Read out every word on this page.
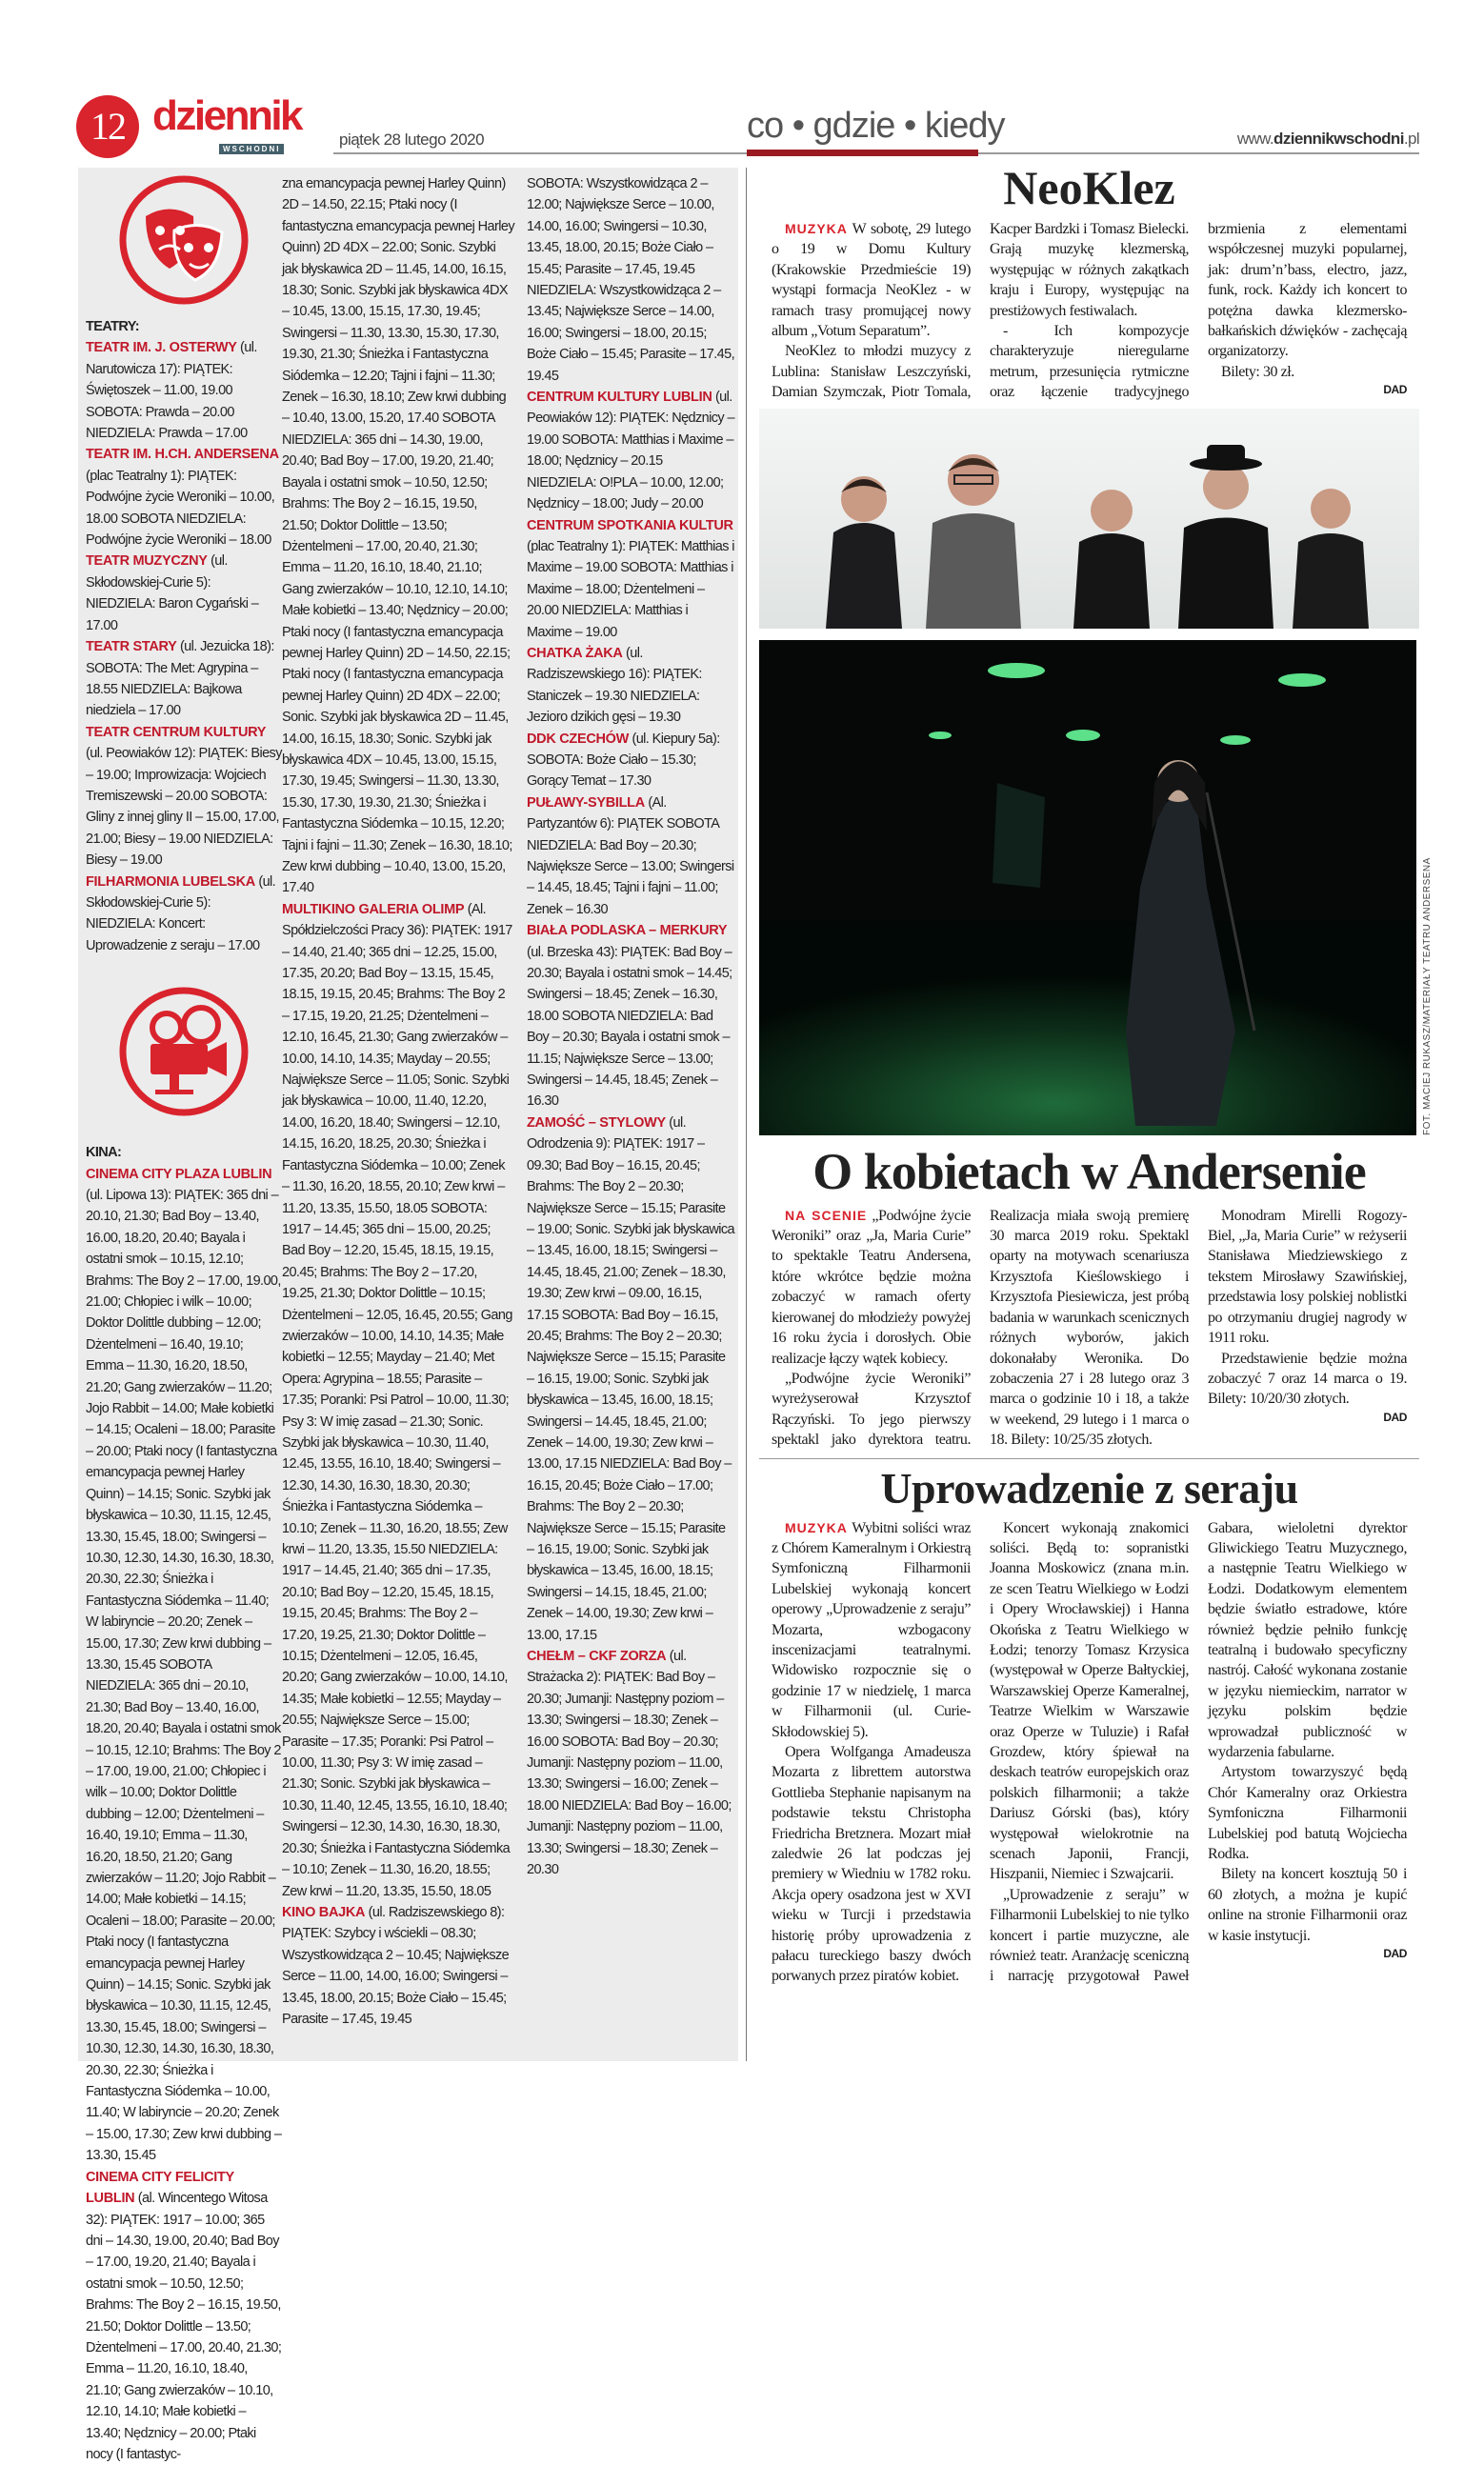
12 dziennik
WSCHODNI
piątek 28 lutego 2020	co • gdzie • kiedy	www.dziennikwschodni.pl
TEATRY:

TEATR IM. J. OSTERWY (ul. Narutowicza 17): PIĄTEK: Świętoszek – 11.00, 19.00 SOBOTA: Prawda – 20.00 NIEDZIELA: Prawda – 17.00

TEATR IM. H.CH. ANDERSENA (plac Teatralny 1): PIĄTEK: Podwójne życie Weroniki – 10.00, 18.00 SOBOTA NIEDZIELA: Podwójne życie Weroniki – 18.00

TEATR MUZYCZNY (ul. Skłodowskiej-Curie 5): NIEDZIELA: Baron Cygański – 17.00

TEATR STARY (ul. Jezuicka 18): SOBOTA: The Met: Agrypina – 18.55 NIEDZIELA: Bajkowa niedziela – 17.00

TEATR CENTRUM KULTURY (ul. Peowiaków 12): PIĄTEK: Biesy – 19.00; Improwizacja: Wojciech Tremiszewski – 20.00 SOBOTA: Gliny z innej gliny II – 15.00, 17.00, 21.00; Biesy – 19.00 NIEDZIELA: Biesy – 19.00

FILHARMONIA LUBELSKA (ul. Skłodowskiej-Curie 5): NIEDZIELA: Koncert: Uprowadzenie z seraju – 17.00

KINA:

CINEMA CITY PLAZA LUBLIN (ul. Lipowa 13): PIĄTEK: 365 dni – 20.10, 21.30; Bad Boy – 13.40, 16.00, 18.20, 20.40; Bayala i ostatni smok – 10.15, 12.10; Brahms: The Boy 2 – 17.00, 19.00, 21.00; Chłopiec i wilk – 10.00; Doktor Dolittle dubbing – 12.00; Dżentelmeni – 16.40, 19.10; Emma – 11.30, 16.20, 18.50, 21.20; Gang zwierzaków – 11.20; Jojo Rabbit – 14.00; Małe kobietki – 14.15; Ocaleni – 18.00; Parasite – 20.00; Ptaki nocy (I fantastyczna emancypacja pewnej Harley Quinn) – 14.15; Sonic. Szybki jak błyskawica – 10.30, 11.15, 12.45, 13.30, 15.45, 18.00; Swingersi – 10.30, 12.30, 14.30, 16.30, 18.30, 20.30, 22.30; Śnieżka i Fantastyczna Siódemka – 11.40; W labiryncie – 20.20; Zenek – 15.00, 17.30; Zew krwi dubbing – 13.30, 15.45 SOBOTA NIEDZIELA: 365 dni – 20.10, 21.30; Bad Boy – 13.40, 16.00, 18.20, 20.40; Bayala i ostatni smok – 10.15, 12.10; Brahms: The Boy 2 – 17.00, 19.00, 21.00; Chłopiec i wilk – 10.00; Doktor Dolittle dubbing – 12.00; Dżentelmeni – 16.40, 19.10; Emma – 11.30, 16.20, 18.50, 21.20; Gang zwierzaków – 11.20; Jojo Rabbit – 14.00; Małe kobietki – 14.15; Ocaleni – 18.00; Parasite – 20.00; Ptaki nocy (I fantastyczna emancypacja pewnej Harley Quinn) – 14.15; Sonic. Szybki jak błyskawica – 10.30, 11.15, 12.45, 13.30, 15.45, 18.00; Swingersi – 10.30, 12.30, 14.30, 16.30, 18.30, 20.30, 22.30; Śnieżka i Fantastyczna Siódemka – 10.00, 11.40; W labiryncie – 20.20; Zenek – 15.00, 17.30; Zew krwi dubbing – 13.30, 15.45

CINEMA CITY FELICITY LUBLIN (al. Wincentego Witosa 32): PIĄTEK: 1917 – 10.00; 365 dni – 14.30, 19.00, 20.40; Bad Boy – 17.00, 19.20, 21.40; Bayala i ostatni smok – 10.50, 12.50; Brahms: The Boy 2 – 16.15, 19.50, 21.50; Doktor Dolittle – 13.50; Dżentelmeni – 17.00, 20.40, 21.30; Emma – 11.20, 16.10, 18.40, 21.10; Gang zwierzaków – 10.10, 12.10, 14.10; Małe kobietki – 13.40; Nędznicy – 20.00; Ptaki nocy (I fantastyc-

zna emancypacja pewnej Harley Quinn) 2D – 14.50, 22.15; Ptaki nocy (I fantastyczna emancypacja pewnej Harley Quinn) 2D 4DX – 22.00; Sonic. Szybki jak błyskawica 2D – 11.45, 14.00, 16.15, 18.30; Sonic. Szybki jak błyskawica 4DX – 10.45, 13.00, 15.15, 17.30, 19.45; Swingersi – 11.30, 13.30, 15.30, 17.30, 19.30, 21.30; Śnieżka i Fantastyczna Siódemka – 12.20; Tajni i fajni – 11.30; Zenek – 16.30, 18.10; Zew krwi dubbing – 10.40, 13.00, 15.20, 17.40 SOBOTA NIEDZIELA: 365 dni – 14.30, 19.00, 20.40; Bad Boy – 17.00, 19.20, 21.40; Bayala i ostatni smok – 10.50, 12.50; Brahms: The Boy 2 – 16.15, 19.50, 21.50; Doktor Dolittle – 13.50; Dżentelmeni – 17.00, 20.40, 21.30; Emma – 11.20, 16.10, 18.40, 21.10; Gang zwierzaków – 10.10, 12.10, 14.10; Małe kobietki – 13.40; Nędznicy – 20.00; Ptaki nocy (I fantastyczna emancypacja pewnej Harley Quinn) 2D – 14.50, 22.15; Ptaki nocy (I fantastyczna emancypacja pewnej Harley Quinn) 2D 4DX – 22.00; Sonic. Szybki jak błyskawica 2D – 11.45, 14.00, 16.15, 18.30; Sonic. Szybki jak błyskawica 4DX – 10.45, 13.00, 15.15, 17.30, 19.45; Swingersi – 11.30, 13.30, 15.30, 17.30, 19.30, 21.30; Śnieżka i Fantastyczna Siódemka – 10.15, 12.20; Tajni i fajni – 11.30; Zenek – 16.30, 18.10; Zew krwi dubbing – 10.40, 13.00, 15.20, 17.40

MULTIKINO GALERIA OLIMP (Al. Spółdzielczości Pracy 36): PIĄTEK: 1917 – 14.40, 21.40; 365 dni – 12.25, 15.00, 17.35, 20.20; Bad Boy – 13.15, 15.45, 18.15, 19.15, 20.45; Brahms: The Boy 2 – 17.15, 19.20, 21.25; Dżentelmeni – 12.10, 16.45, 21.30; Gang zwierzaków – 10.00, 14.10, 14.35; Mayday – 20.55; Największe Serce – 11.05; Sonic. Szybki jak błyskawica – 10.00, 11.40, 12.20, 14.00, 16.20, 18.40; Swingersi – 12.10, 14.15, 16.20, 18.25, 20.30; Śnieżka i Fantastyczna Siódemka – 10.00; Zenek – 11.30, 16.20, 18.55, 20.10; Zew krwi – 11.20, 13.35, 15.50, 18.05 SOBOTA: 1917 – 14.45; 365 dni – 15.00, 20.25; Bad Boy – 12.20, 15.45, 18.15, 19.15, 20.45; Brahms: The Boy 2 – 17.20, 19.25, 21.30; Doktor Dolittle – 10.15; Dżentelmeni – 12.05, 16.45, 20.55; Gang zwierzaków – 10.00, 14.10, 14.35; Małe kobietki – 12.55; Mayday – 21.40; Met Opera: Agrypina – 18.55; Parasite – 17.35; Poranki: Psi Patrol – 10.00, 11.30; Psy 3: W imię zasad – 21.30; Sonic. Szybki jak błyskawica – 10.30, 11.40, 12.45, 13.55, 16.10, 18.40; Swingersi – 12.30, 14.30, 16.30, 18.30, 20.30; Śnieżka i Fantastyczna Siódemka – 10.10; Zenek – 11.30, 16.20, 18.55; Zew krwi – 11.20, 13.35, 15.50 NIEDZIELA: 1917 – 14.45, 21.40; 365 dni – 17.35, 20.10; Bad Boy – 12.20, 15.45, 18.15, 19.15, 20.45; Brahms: The Boy 2 – 17.20, 19.25, 21.30; Doktor Dolittle – 10.15; Dżentelmeni – 12.05, 16.45, 20.20; Gang zwierzaków – 10.00, 14.10, 14.35; Małe kobietki – 12.55; Mayday – 20.55; Największe Serce – 15.00; Parasite – 17.35; Poranki: Psi Patrol – 10.00, 11.30; Psy 3: W imię zasad – 21.30; Sonic. Szybki jak błyskawica – 10.30, 11.40, 12.45, 13.55, 16.10, 18.40; Swingersi – 12.30, 14.30, 16.30, 18.30, 20.30; Śnieżka i Fantastyczna Siódemka – 10.10; Zenek – 11.30, 16.20, 18.55; Zew krwi – 11.20, 13.35, 15.50, 18.05

KINO BAJKA (ul. Radziszewskiego 8): PIĄTEK: Szybcy i wściekli – 08.30; Wszystkowidząca 2 – 10.45; Największe Serce – 11.00, 14.00, 16.00; Swingersi – 13.45, 18.00, 20.15; Boże Ciało – 15.45; Parasite – 17.45, 19.45

SOBOTA: Wszystkowidząca 2 – 12.00; Największe Serce – 10.00, 14.00, 16.00; Swingersi – 10.30, 13.45, 18.00, 20.15; Boże Ciało – 15.45; Parasite – 17.45, 19.45 NIEDZIELA: Wszystkowidząca 2 – 13.45; Największe Serce – 14.00, 16.00; Swingersi – 18.00, 20.15; Boże Ciało – 15.45; Parasite – 17.45, 19.45

CENTRUM KULTURY LUBLIN (ul. Peowiaków 12): PIĄTEK: Nędznicy – 19.00 SOBOTA: Matthias i Maxime – 18.00; Nędznicy – 20.15 NIEDZIELA: O!PLA – 10.00, 12.00; Nędznicy – 18.00; Judy – 20.00

CENTRUM SPOTKANIA KULTUR (plac Teatralny 1): PIĄTEK: Matthias i Maxime – 19.00 SOBOTA: Matthias i Maxime – 18.00; Dżentelmeni – 20.00 NIEDZIELA: Matthias i Maxime – 19.00

CHATKA ŻAKA (ul. Radziszewskiego 16): PIĄTEK: Staniczek – 19.30 NIEDZIELA: Jezioro dzikich gęsi – 19.30

DDK CZECHÓW (ul. Kiepury 5a): SOBOTA: Boże Ciało – 15.30; Gorący Temat – 17.30

PUŁAWY-SYBILLA (Al. Partyzantów 6): PIĄTEK SOBOTA NIEDZIELA: Bad Boy – 20.30; Największe Serce – 13.00; Swingersi – 14.45, 18.45; Tajni i fajni – 11.00; Zenek – 16.30

BIAŁA PODLASKA – MERKURY (ul. Brzeska 43): PIĄTEK: Bad Boy – 20.30; Bayala i ostatni smok – 14.45; Swingersi – 18.45; Zenek – 16.30, 18.00 SOBOTA NIEDZIELA: Bad Boy – 20.30; Bayala i ostatni smok – 11.15; Największe Serce – 13.00; Swingersi – 14.45, 18.45; Zenek – 16.30

ZAMOŚĆ – STYLOWY (ul. Odrodzenia 9): PIĄTEK: 1917 – 09.30; Bad Boy – 16.15, 20.45; Brahms: The Boy 2 – 20.30; Największe Serce – 15.15; Parasite – 19.00; Sonic. Szybki jak błyskawica – 13.45, 16.00, 18.15; Swingersi – 14.45, 18.45, 21.00; Zenek – 18.30, 19.30; Zew krwi – 09.00, 16.15, 17.15 SOBOTA: Bad Boy – 16.15, 20.45; Brahms: The Boy 2 – 20.30; Największe Serce – 15.15; Parasite – 16.15, 19.00; Sonic. Szybki jak błyskawica – 13.45, 16.00, 18.15; Swingersi – 14.45, 18.45, 21.00; Zenek – 14.00, 19.30; Zew krwi – 13.00, 17.15 NIEDZIELA: Bad Boy – 16.15, 20.45; Boże Ciało – 17.00; Brahms: The Boy 2 – 20.30; Największe Serce – 15.15; Parasite – 16.15, 19.00; Sonic. Szybki jak błyskawica – 13.45, 16.00, 18.15; Swingersi – 14.15, 18.45, 21.00; Zenek – 14.00, 19.30; Zew krwi – 13.00, 17.15

CHEŁM – CKF ZORZA (ul. Strażacka 2): PIĄTEK: Bad Boy – 20.30; Jumanji: Następny poziom – 13.30; Swingersi – 18.30; Zenek – 16.00 SOBOTA: Bad Boy – 20.30; Jumanji: Następny poziom – 11.00, 13.30; Swingersi – 16.00; Zenek – 18.00 NIEDZIELA: Bad Boy – 16.00; Jumanji: Następny poziom – 11.00, 13.30; Swingersi – 18.30; Zenek – 20.30

NeoKlez

MUZYKA W sobotę, 29 lutego o 19 w Domu Kultury (Krakowskie Przedmieście 19) wystąpi formacja NeoKlez - w ramach trasy promującej nowy album „Votum Separatum”.

NeoKlez to młodzi muzycy z Lublina: Stanisław Leszczyński, Damian Szymczak, Piotr Tomala, Kacper Bardzki i Tomasz Bielecki. Grają muzykę klezmerską, występując w różnych zakątkach kraju i Europy, występując na prestiżowych festiwalach.

- Ich kompozycje charakteryzuje nieregularne metrum, przesunięcia rytmiczne oraz łączenie tradycyjnego brzmienia z elementami współczesnej muzyki popularnej, jak: drum’n’bass, electro, jazz, funk, rock. Każdy ich koncert to potężna dawka klezmersko-bałkańskich dźwięków - zachęcają organizatorzy.

Bilety: 30 zł.

DAD
FOT. MACIEJ RUKASZ/MATERIAŁY TEATRU ANDERSENA
O kobietach w Andersenie

NA SCENIE „Podwójne życie Weroniki” oraz „Ja, Maria Curie” to spektakle Teatru Andersena, które wkrótce będzie można zobaczyć w ramach oferty kierowanej do młodzieży powyżej 16 roku życia i dorosłych. Obie realizacje łączy wątek kobiecy.

„Podwójne życie Weroniki” wyreżyserował Krzysztof Rączyński. To jego pierwszy spektakl jako dyrektora teatru. Realizacja miała swoją premierę 30 marca 2019 roku. Spektakl oparty na motywach scenariusza Krzysztofa Kieślowskiego i Krzysztofa Piesiewicza, jest próbą badania w warunkach scenicznych różnych wyborów, jakich dokonałaby Weronika. Do zobaczenia 27 i 28 lutego oraz 3 marca o godzinie 10 i 18, a także w weekend, 29 lutego i 1 marca o 18. Bilety: 10/25/35 złotych.

Monodram Mirelli Rogozy-Biel, „Ja, Maria Curie” w reżyserii Stanisława Miedziewskiego z tekstem Mirosławy Szawińskiej, przedstawia losy polskiej noblistki po otrzymaniu drugiej nagrody w 1911 roku.

Przedstawienie będzie można zobaczyć 7 oraz 14 marca o 19. Bilety: 10/20/30 złotych.

DAD
Uprowadzenie z seraju

MUZYKA Wybitni soliści wraz z Chórem Kameralnym i Orkiestrą Symfoniczną Filharmonii Lubelskiej wykonają koncert operowy „Uprowadzenie z seraju” Mozarta, wzbogacony inscenizacjami teatralnymi. Widowisko rozpocznie się o godzinie 17 w niedzielę, 1 marca w Filharmonii (ul. Curie-Skłodowskiej 5).

Opera Wolfganga Amadeusza Mozarta z librettem autorstwa Gottlieba Stephanie napisanym na podstawie tekstu Christopha Friedricha Bretznera. Mozart miał zaledwie 26 lat podczas jej premiery w Wiedniu w 1782 roku. Akcja opery osadzona jest w XVI wieku w Turcji i przedstawia historię próby uprowadzenia z pałacu tureckiego baszy dwóch porwanych przez piratów kobiet.

Koncert wykonają znakomici soliści. Będą to: sopranistki Joanna Moskowicz (znana m.in. ze scen Teatru Wielkiego w Łodzi i Opery Wrocławskiej) i Hanna Okońska z Teatru Wielkiego w Łodzi; tenorzy Tomasz Krzysica (występował w Operze Bałtyckiej, Warszawskiej Operze Kameralnej, Teatrze Wielkim w Warszawie oraz Operze w Tuluzie) i Rafał Grozdew, który śpiewał na deskach teatrów europejskich oraz polskich filharmonii; a także Dariusz Górski (bas), który występował wielokrotnie na scenach Japonii, Francji, Hiszpanii, Niemiec i Szwajcarii.

„Uprowadzenie z seraju” w Filharmonii Lubelskiej to nie tylko koncert i partie muzyczne, ale również teatr. Aranżację sceniczną i narrację przygotował Paweł Gabara, wieloletni dyrektor Gliwickiego Teatru Muzycznego, a następnie Teatru Wielkiego w Łodzi. Dodatkowym elementem będzie światło estradowe, które również będzie pełniło funkcję teatralną i budowało specyficzny nastrój. Całość wykonana zostanie w języku niemieckim, narrator w języku polskim będzie wprowadzał publiczność w wydarzenia fabularne.

Artystom towarzyszyć będą Chór Kameralny oraz Orkiestra Symfoniczna Filharmonii Lubelskiej pod batutą Wojciecha Rodka.

Bilety na koncert kosztują 50 i 60 złotych, a można je kupić online na stronie Filharmonii oraz w kasie instytucji.

DAD
